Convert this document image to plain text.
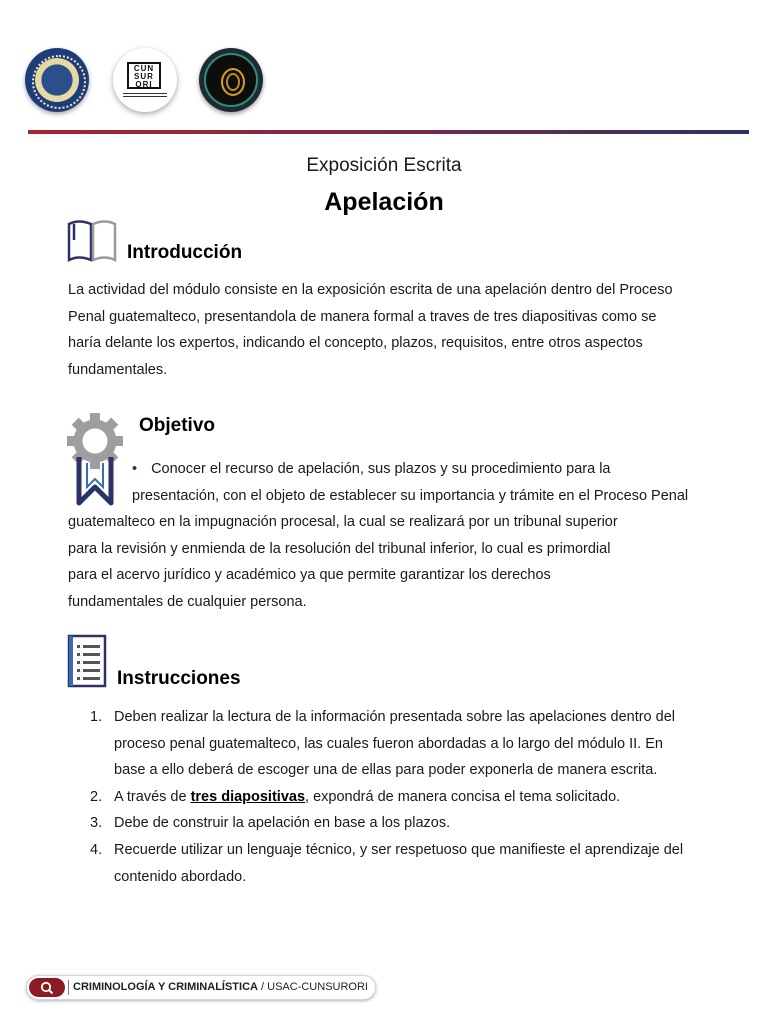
CUN SUR ORI
Exposición Escrita
Apelación
Introducción
La actividad del módulo consiste en la exposición escrita de una apelación dentro del Proceso
Penal guatemalteco, presentandola de manera formal a traves de tres diapositivas como se
haría delante los expertos, indicando el concepto, plazos, requisitos, entre otros aspectos
fundamentales.
Objetivo
• Conocer el recurso de apelación, sus plazos y su procedimiento para la
presentación, con el objeto de establecer su importancia y trámite en el Proceso Penal
guatemalteco en la impugnación procesal, la cual se realizará por un tribunal superior
para la revisión y enmienda de la resolución del tribunal inferior, lo cual es primordial
para el acervo jurídico y académico ya que permite garantizar los derechos
fundamentales de cualquier persona.
Instrucciones
1. Deben realizar la lectura de la información presentada sobre las apelaciones dentro del
proceso penal guatemalteco, las cuales fueron abordadas a lo largo del módulo II. En
base a ello deberá de escoger una de ellas para poder exponerla de manera escrita.
2. A través de tres diapositivas, expondrá de manera concisa el tema solicitado.
3. Debe de construir la apelación en base a los plazos.
4. Recuerde utilizar un lenguaje técnico, y ser respetuoso que manifieste el aprendizaje del
contenido abordado.
CRIMINOLOGÍA Y CRIMINALÍSTICA / USAC-CUNSURORI
